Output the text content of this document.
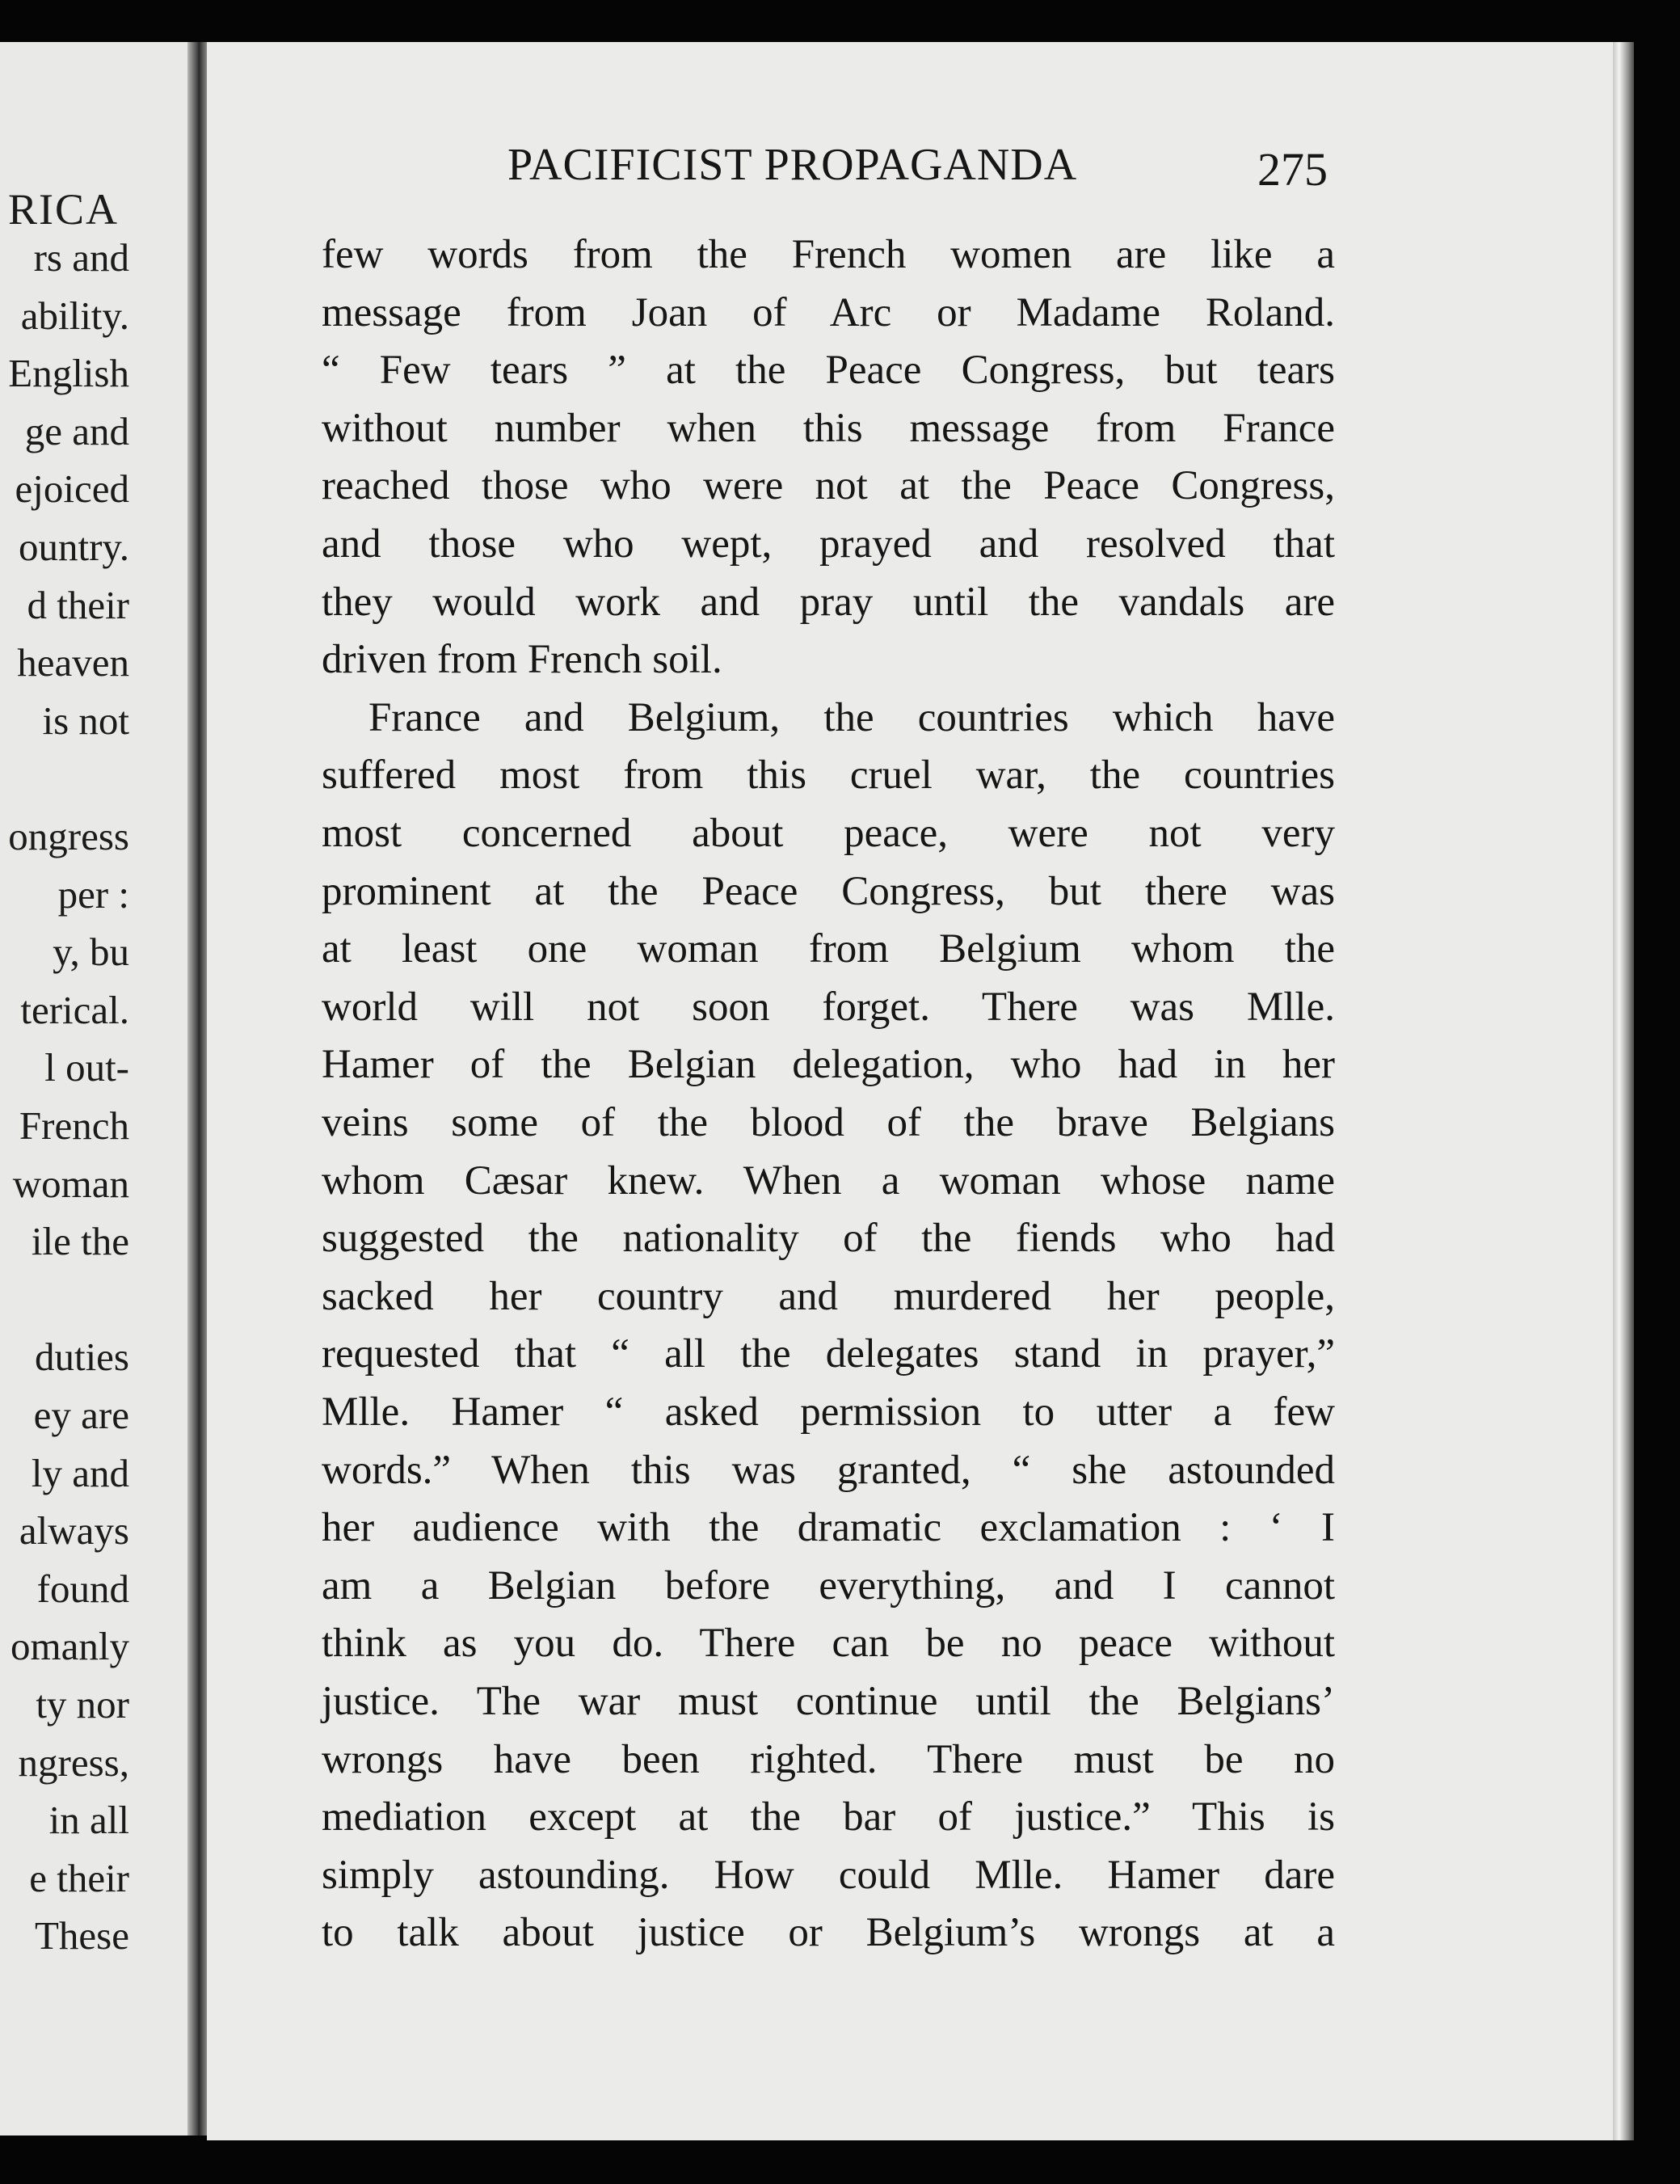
RICA
rs and
ability.
English
ge and
ejoiced
ountry.
d their
heaven
is not
ongress
per :
y, bu
terical.
l out-
French
woman
ile the
duties
ey are
ly and
always
found
omanly
ty nor
ngress,
in all
e their
These
PACIFICIST PROPAGANDA	275
few words from the French women are like a
message from Joan of Arc or Madame Roland.
“ Few tears ” at the Peace Congress, but tears
without number when this message from France
reached those who were not at the Peace Congress,
and those who wept, prayed and resolved that
they would work and pray until the vandals are
driven from French soil.
France and Belgium, the countries which have
suffered most from this cruel war, the countries
most concerned about peace, were not very
prominent at the Peace Congress, but there was
at least one woman from Belgium whom the
world will not soon forget. There was Mlle.
Hamer of the Belgian delegation, who had in her
veins some of the blood of the brave Belgians
whom Cæsar knew. When a woman whose name
suggested the nationality of the fiends who had
sacked her country and murdered her people,
requested that “ all the delegates stand in prayer,”
Mlle. Hamer “ asked permission to utter a few
words.” When this was granted, “ she astounded
her audience with the dramatic exclamation : ‘ I
am a Belgian before everything, and I cannot
think as you do. There can be no peace without
justice. The war must continue until the Belgians’
wrongs have been righted. There must be no
mediation except at the bar of justice.” This is
simply astounding. How could Mlle. Hamer dare
to talk about justice or Belgium’s wrongs at a
